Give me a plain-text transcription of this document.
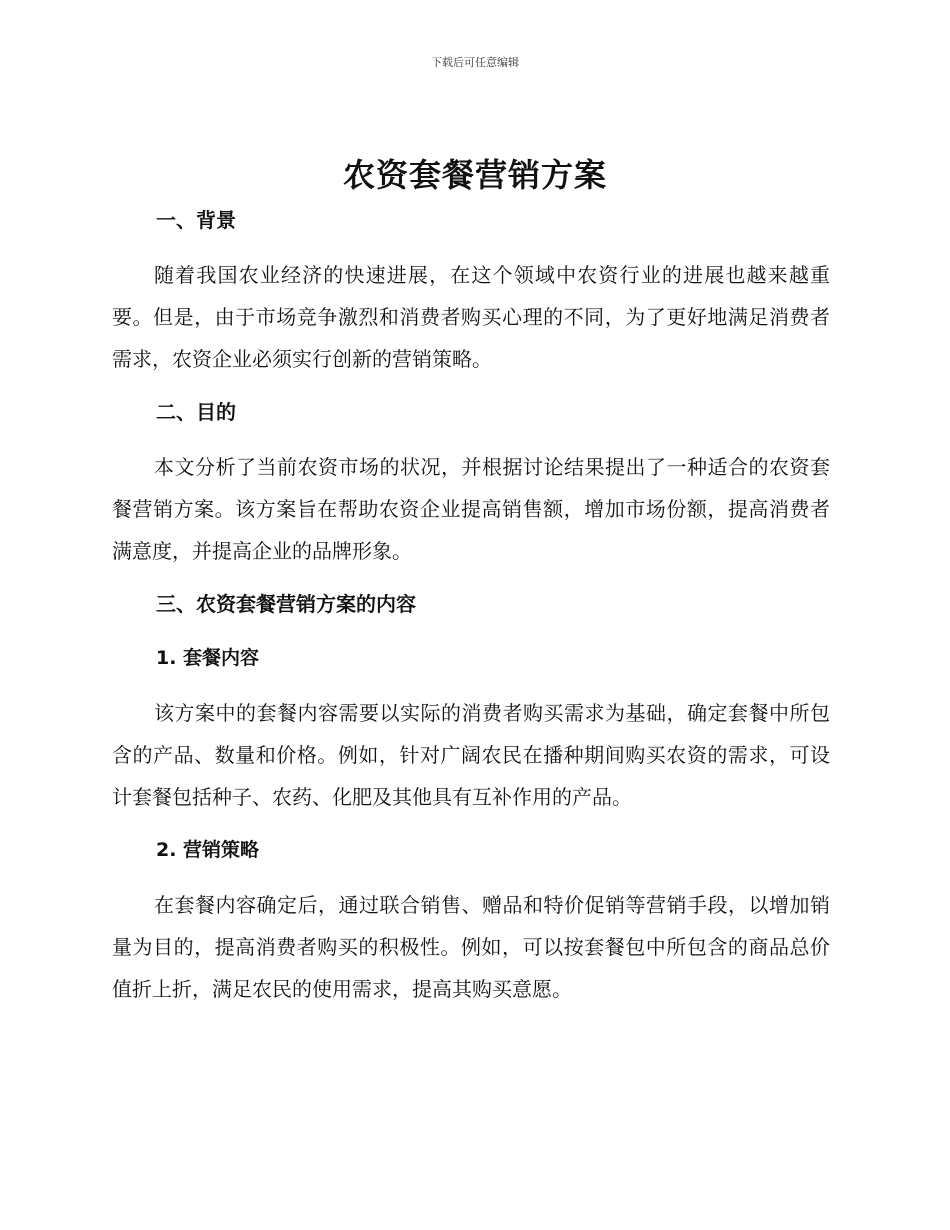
下载后可任意编辑
农资套餐营销方案
一、背景

随着我国农业经济的快速进展，在这个领域中农资行业的进展也越来越重要。但是，由于市场竞争激烈和消费者购买心理的不同，为了更好地满足消费者需求，农资企业必须实行创新的营销策略。

二、目的

本文分析了当前农资市场的状况，并根据讨论结果提出了一种适合的农资套餐营销方案。该方案旨在帮助农资企业提高销售额，增加市场份额，提高消费者满意度，并提高企业的品牌形象。

三、农资套餐营销方案的内容
1. 套餐内容

该方案中的套餐内容需要以实际的消费者购买需求为基础，确定套餐中所包含的产品、数量和价格。例如，针对广阔农民在播种期间购买农资的需求，可设计套餐包括种子、农药、化肥及其他具有互补作用的产品。

2. 营销策略

在套餐内容确定后，通过联合销售、赠品和特价促销等营销手段，以增加销量为目的，提高消费者购买的积极性。例如，可以按套餐包中所包含的商品总价值折上折，满足农民的使用需求，提高其购买意愿。
